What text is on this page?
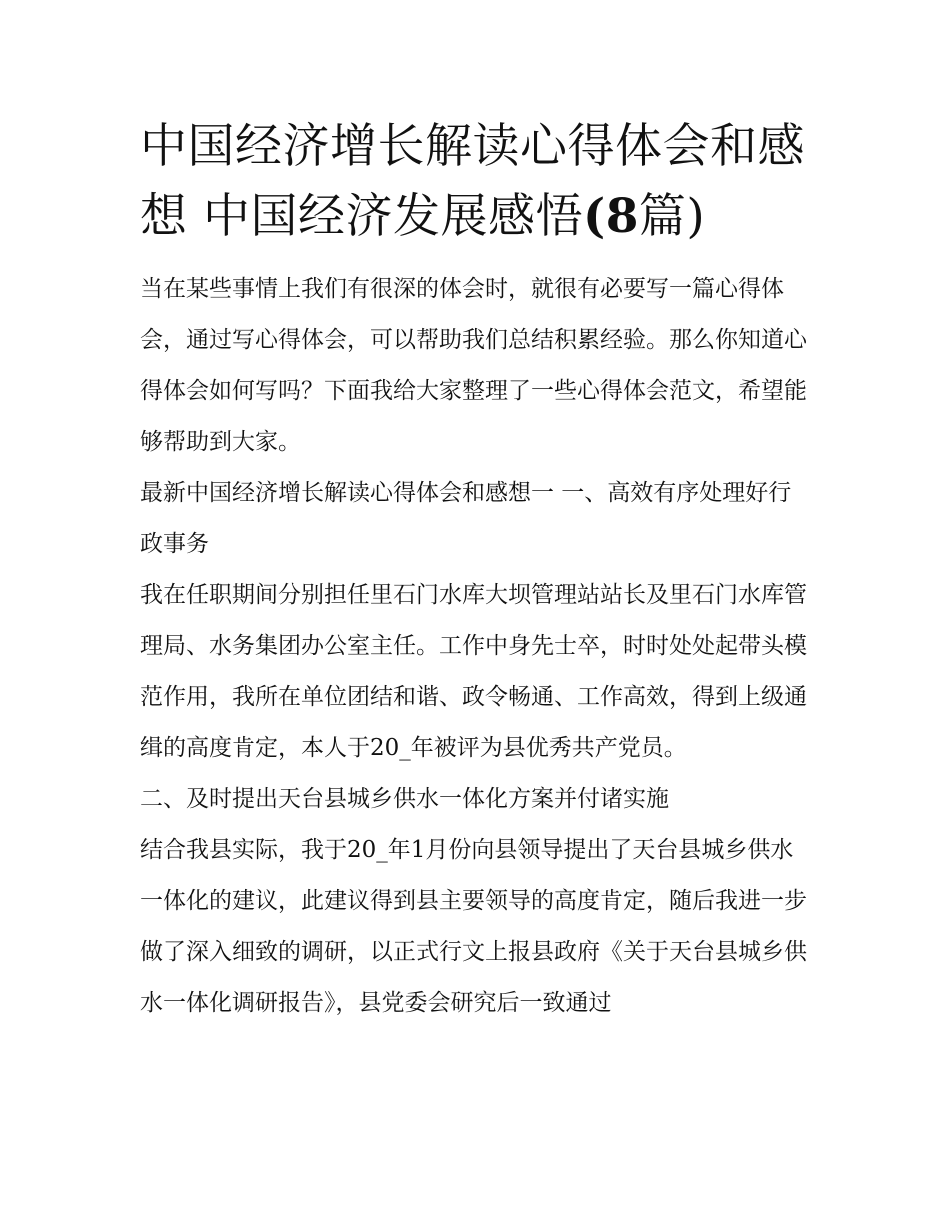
中国经济增长解读心得体会和感想 中国经济发展感悟(8篇)

当在某些事情上我们有很深的体会时，就很有必要写一篇心得体会，通过写心得体会，可以帮助我们总结积累经验。那么你知道心得体会如何写吗？下面我给大家整理了一些心得体会范文，希望能够帮助到大家。

最新中国经济增长解读心得体会和感想一 一、高效有序处理好行政事务

我在任职期间分别担任里石门水库大坝管理站站长及里石门水库管理局、水务集团办公室主任。工作中身先士卒，时时处处起带头模范作用，我所在单位团结和谐、政令畅通、工作高效，得到上级通缉的高度肯定，本人于20_年被评为县优秀共产党员。

二、及时提出天台县城乡供水一体化方案并付诸实施

结合我县实际，我于20_年1月份向县领导提出了天台县城乡供水一体化的建议，此建议得到县主要领导的高度肯定，随后我进一步做了深入细致的调研，以正式行文上报县政府《关于天台县城乡供水一体化调研报告》，县党委会研究后一致通过
